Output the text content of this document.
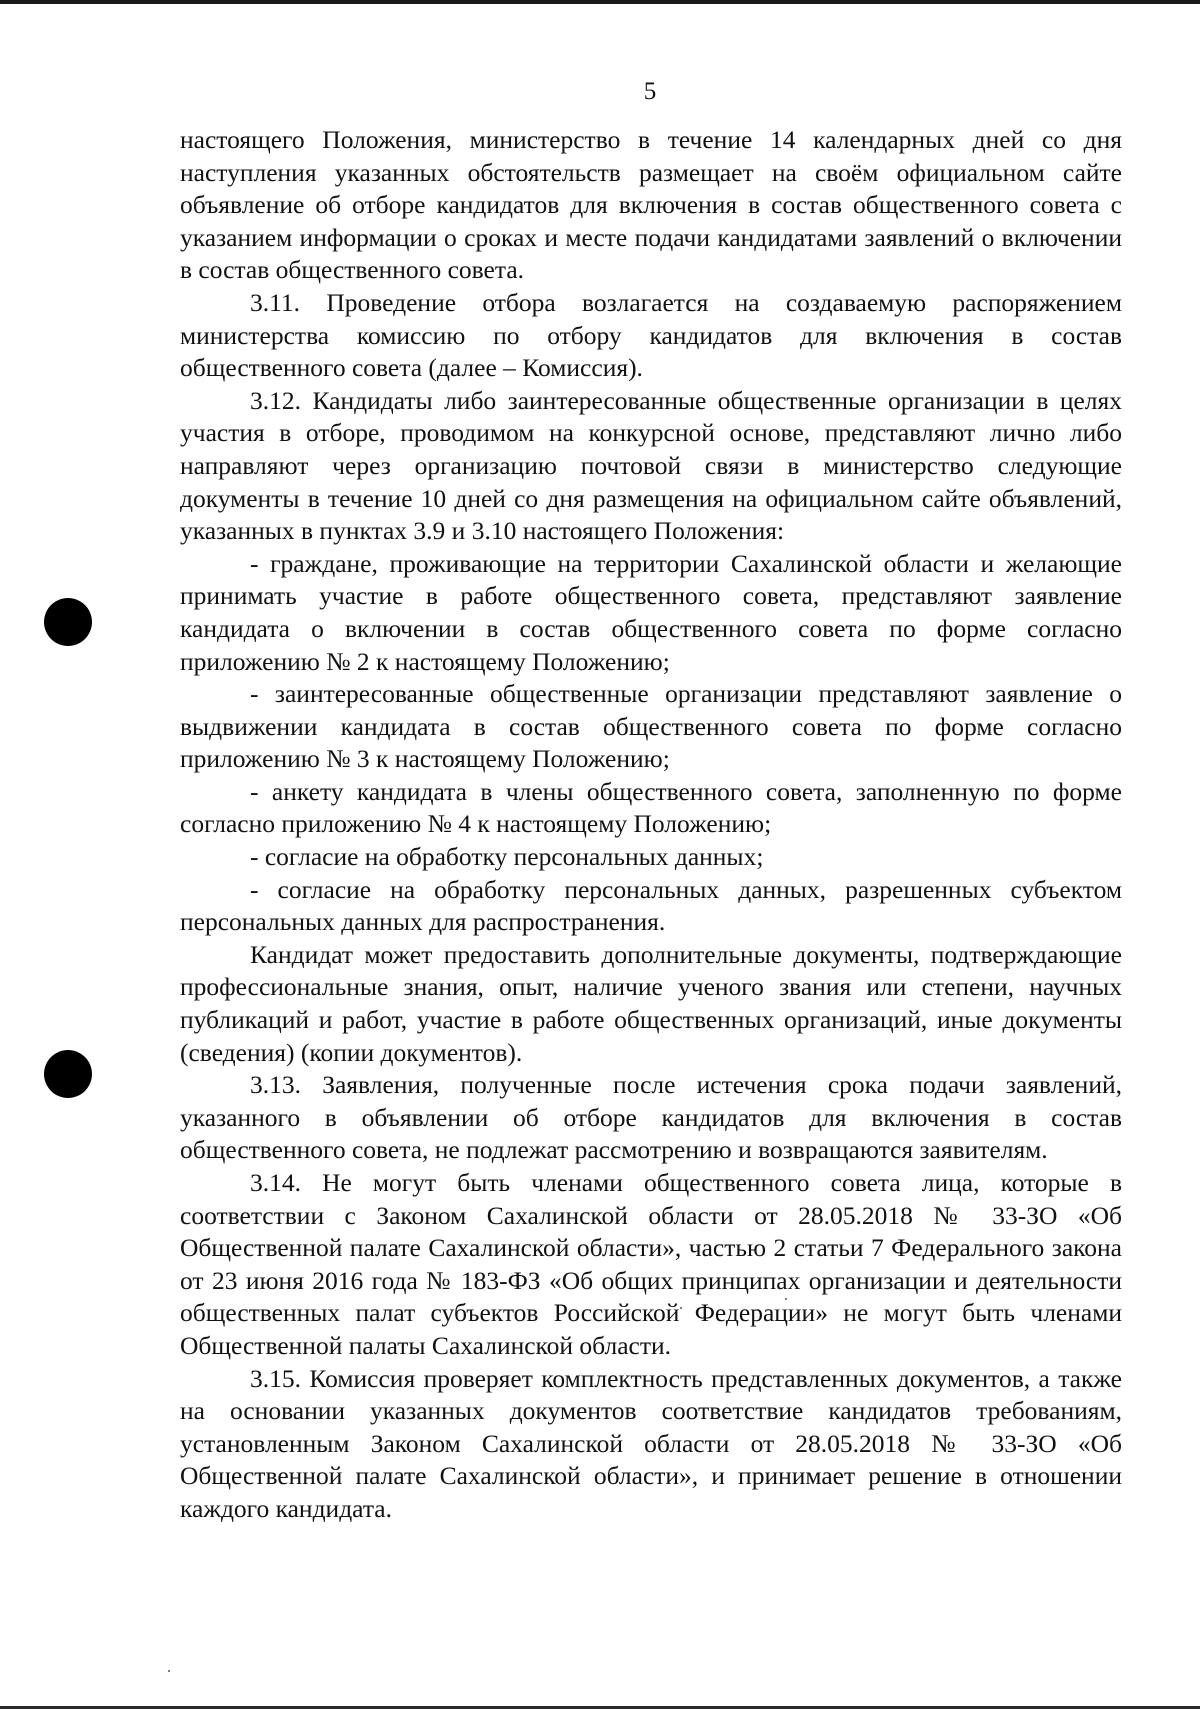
5

настоящего Положения, министерство в течение 14 календарных дней со дня наступления указанных обстоятельств размещает на своём официальном сайте объявление об отборе кандидатов для включения в состав общественного совета с указанием информации о сроках и месте подачи кандидатами заявлений о включении в состав общественного совета.

3.11. Проведение отбора возлагается на создаваемую распоряжением министерства комиссию по отбору кандидатов для включения в состав общественного совета (далее – Комиссия).

3.12. Кандидаты либо заинтересованные общественные организации в целях участия в отборе, проводимом на конкурсной основе, представляют лично либо направляют через организацию почтовой связи в министерство следующие документы в течение 10 дней со дня размещения на официальном сайте объявлений, указанных в пунктах 3.9 и 3.10 настоящего Положения:

- граждане, проживающие на территории Сахалинской области и желающие принимать участие в работе общественного совета, представляют заявление кандидата о включении в состав общественного совета по форме согласно приложению № 2 к настоящему Положению;

- заинтересованные общественные организации представляют заявление о выдвижении кандидата в состав общественного совета по форме согласно приложению № 3 к настоящему Положению;

- анкету кандидата в члены общественного совета, заполненную по форме согласно приложению № 4 к настоящему Положению;

- согласие на обработку персональных данных;

- согласие на обработку персональных данных, разрешенных субъектом персональных данных для распространения.

Кандидат может предоставить дополнительные документы, подтверждающие профессиональные знания, опыт, наличие ученого звания или степени, научных публикаций и работ, участие в работе общественных организаций, иные документы (сведения) (копии документов).

3.13. Заявления, полученные после истечения срока подачи заявлений, указанного в объявлении об отборе кандидатов для включения в состав общественного совета, не подлежат рассмотрению и возвращаются заявителям.

3.14. Не могут быть членами общественного совета лица, которые в соответствии с Законом Сахалинской области от 28.05.2018 № 33-ЗО «Об Общественной палате Сахалинской области», частью 2 статьи 7 Федерального закона от 23 июня 2016 года № 183-ФЗ «Об общих принципах организации и деятельности общественных палат субъектов Российской Федерации» не могут быть членами Общественной палаты Сахалинской области.

3.15. Комиссия проверяет комплектность представленных документов, а также на основании указанных документов соответствие кандидатов требованиям, установленным Законом Сахалинской области от 28.05.2018 № 33-ЗО «Об Общественной палате Сахалинской области», и принимает решение в отношении каждого кандидата.
